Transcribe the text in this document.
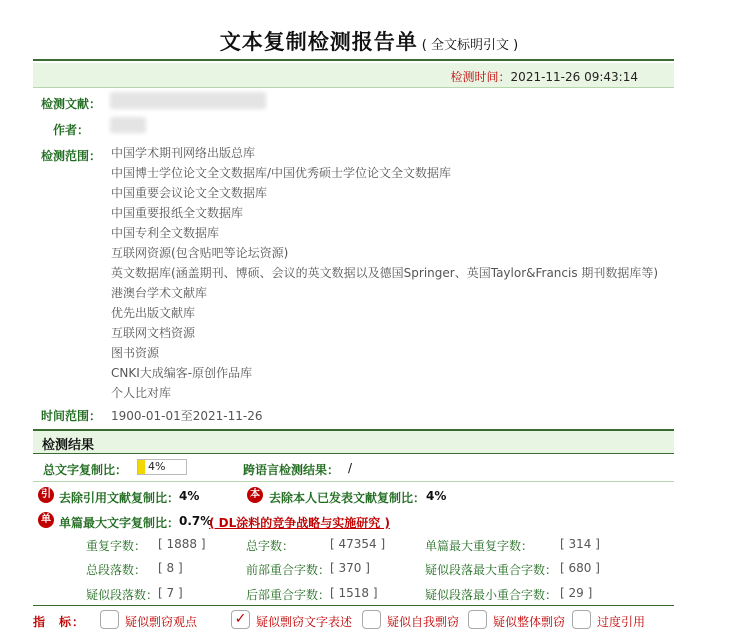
文本复制检测报告单 ( 全文标明引文 )
检测时间：2021-11-26 09:43:14
检测文献：
作者：
检测范围： 中国学术期刊网络出版总库
中国博士学位论文全文数据库/中国优秀硕士学位论文全文数据库
中国重要会议论文全文数据库
中国重要报纸全文数据库
中国专利全文数据库
互联网资源(包含贴吧等论坛资源)
英文数据库(涵盖期刊、博硕、会议的英文数据以及德国Springer、英国Taylor&Francis 期刊数据库等)
港澳台学术文献库
优先出版文献库
互联网文档资源
图书资源
CNKI大成编客-原创作品库
个人比对库
时间范围： 1900-01-01至2021-11-26
检测结果
总文字复制比： 4%	跨语言检测结果： /
引 去除引用文献复制比： 4%	本 去除本人已发表文献复制比： 4%
单 单篇最大文字复制比： 0.7%
( DL涂料的竞争战略与实施研究 )
重复字数： [ 1888 ]	总字数：	[ 47354 ]	单篇最大重复字数： [ 314 ]
总段落数： [ 8 ]	前部重合字数： [ 370 ]	疑似段落最大重合字数： [ 680 ]
疑似段落数： [ 7 ]	后部重合字数： [ 1518 ]	疑似段落最小重合字数： [ 29 ]
指　标：	疑似剽窃观点	✓ 疑似剽窃文字表述	疑似自我剽窃	疑似整体剽窃	过度引用
